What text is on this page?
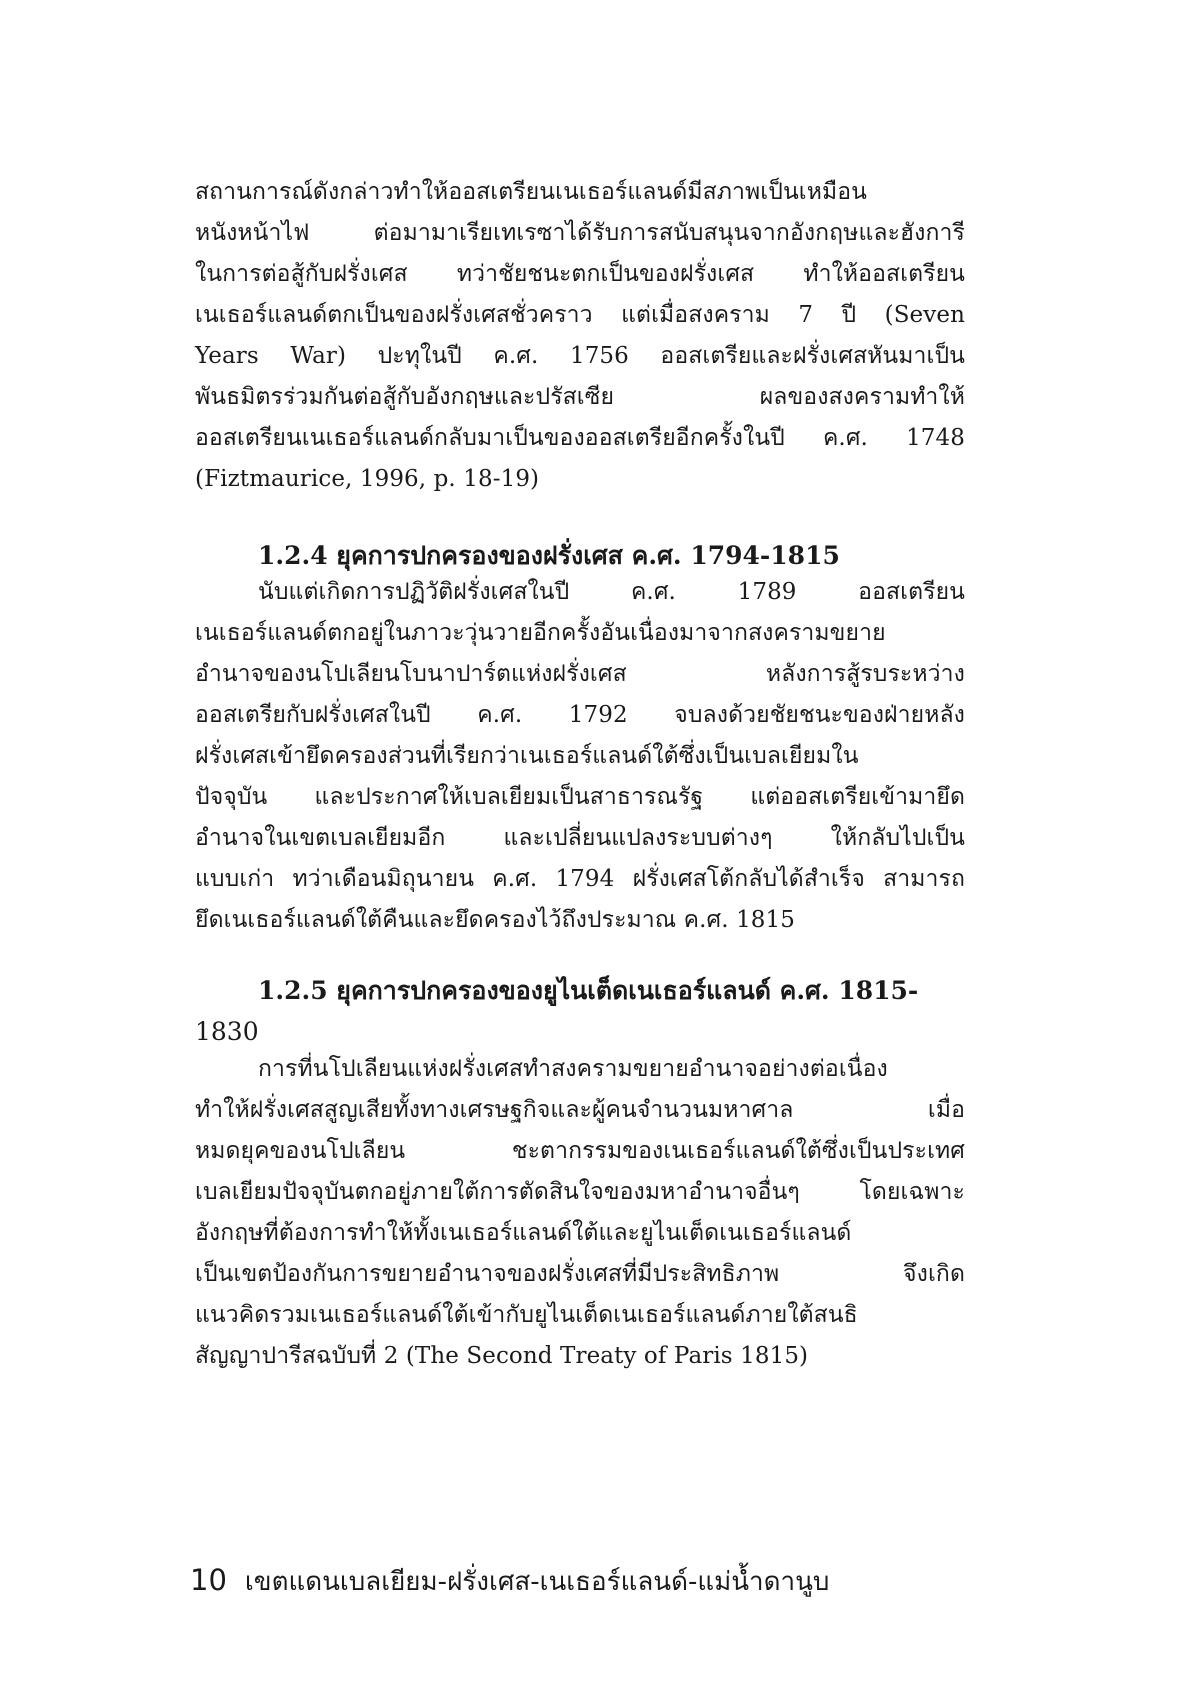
สถานการณ์ดังกล่าวทำให้ออสเตรียนเนเธอร์แลนด์มีสภาพเป็นเหมือน
หนังหน้าไฟ ต่อมามาเรียเทเรซาได้รับการสนับสนุนจากอังกฤษและฮังการี
ในการต่อสู้กับฝรั่งเศส ทว่าชัยชนะตกเป็นของฝรั่งเศส ทำให้ออสเตรียน
เนเธอร์แลนด์ตกเป็นของฝรั่งเศสชั่วคราว แต่เมื่อสงคราม 7 ปี (Seven
Years War) ปะทุในปี ค.ศ. 1756 ออสเตรียและฝรั่งเศสหันมาเป็น
พันธมิตรร่วมกันต่อสู้กับอังกฤษและปรัสเซีย ผลของสงครามทำให้
ออสเตรียนเนเธอร์แลนด์กลับมาเป็นของออสเตรียอีกครั้งในปี ค.ศ. 1748
(Fiztmaurice, 1996, p. 18-19)
1.2.4 ยุคการปกครองของฝรั่งเศส ค.ศ. 1794-1815
นับแต่เกิดการปฏิวัติฝรั่งเศสในปี ค.ศ. 1789 ออสเตรียน
เนเธอร์แลนด์ตกอยู่ในภาวะวุ่นวายอีกครั้งอันเนื่องมาจากสงครามขยาย
อำนาจของนโปเลียนโบนาปาร์ตแห่งฝรั่งเศส หลังการสู้รบระหว่าง
ออสเตรียกับฝรั่งเศสในปี ค.ศ. 1792 จบลงด้วยชัยชนะของฝ่ายหลัง
ฝรั่งเศสเข้ายึดครองส่วนที่เรียกว่าเนเธอร์แลนด์ใต้ซึ่งเป็นเบลเยียมใน
ปัจจุบัน และประกาศให้เบลเยียมเป็นสาธารณรัฐ แต่ออสเตรียเข้ามายึด
อำนาจในเขตเบลเยียมอีก และเปลี่ยนแปลงระบบต่างๆ ให้กลับไปเป็น
แบบเก่า ทว่าเดือนมิถุนายน ค.ศ. 1794 ฝรั่งเศสโต้กลับได้สำเร็จ สามารถ
ยึดเนเธอร์แลนด์ใต้คืนและยึดครองไว้ถึงประมาณ ค.ศ. 1815
1.2.5 ยุคการปกครองของยูไนเต็ดเนเธอร์แลนด์ ค.ศ. 1815-
1830
การที่นโปเลียนแห่งฝรั่งเศสทำสงครามขยายอำนาจอย่างต่อเนื่อง
ทำให้ฝรั่งเศสสูญเสียทั้งทางเศรษฐกิจและผู้คนจำนวนมหาศาล เมื่อ
หมดยุคของนโปเลียน ชะตากรรมของเนเธอร์แลนด์ใต้ซึ่งเป็นประเทศ
เบลเยียมปัจจุบันตกอยู่ภายใต้การตัดสินใจของมหาอำนาจอื่นๆ โดยเฉพาะ
อังกฤษที่ต้องการทำให้ทั้งเนเธอร์แลนด์ใต้และยูไนเต็ดเนเธอร์แลนด์
เป็นเขตป้องกันการขยายอำนาจของฝรั่งเศสที่มีประสิทธิภาพ จึงเกิด
แนวคิดรวมเนเธอร์แลนด์ใต้เข้ากับยูไนเต็ดเนเธอร์แลนด์ภายใต้สนธิ
สัญญาปารีสฉบับที่ 2 (The Second Treaty of Paris 1815)
10 เขตแดนเบลเยียม-ฝรั่งเศส-เนเธอร์แลนด์-แม่น้ำดานูบ
